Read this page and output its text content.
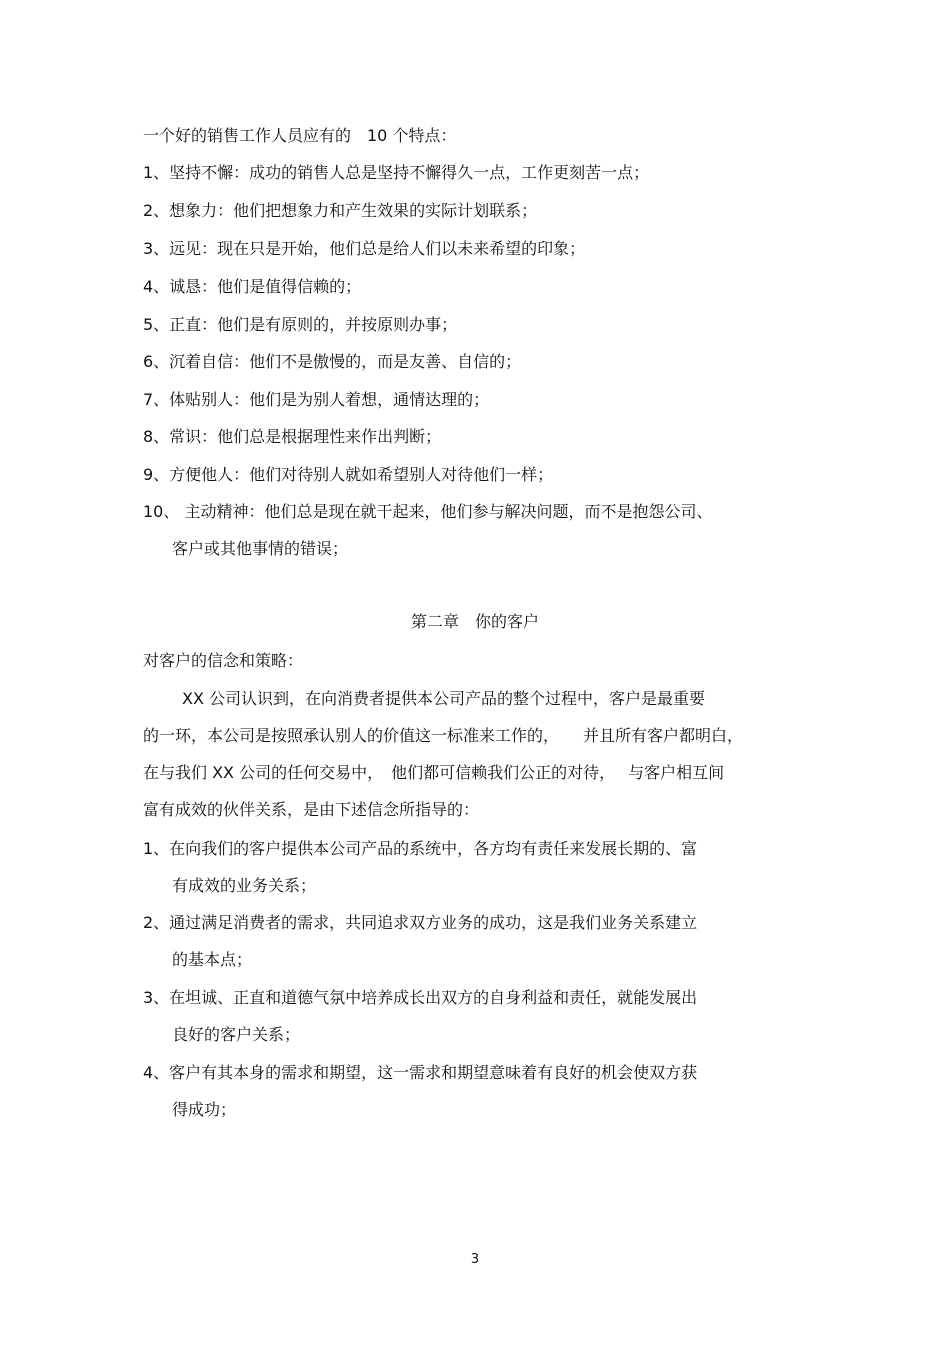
一个好的销售工作人员应有的　10 个特点：
1、坚持不懈：成功的销售人总是坚持不懈得久一点，工作更刻苦一点；
2、想象力：他们把想象力和产生效果的实际计划联系；
3、远见：现在只是开始，他们总是给人们以未来希望的印象；
4、诚恳：他们是值得信赖的；
5、正直：他们是有原则的，并按原则办事；
6、沉着自信：他们不是傲慢的，而是友善、自信的；
7、体贴别人：他们是为别人着想，通情达理的；
8、常识：他们总是根据理性来作出判断；
9、方便他人：他们对待别人就如希望别人对待他们一样；
10、 主动精神：他们总是现在就干起来，他们参与解决问题，而不是抱怨公司、
客户或其他事情的错误；
第二章　你的客户
对客户的信念和策略：
XX 公司认识到，在向消费者提供本公司产品的整个过程中，客户是最重要
的一环，本公司是按照承认别人的价值这一标准来工作的，　　并且所有客户都明白，
在与我们 XX 公司的任何交易中，　他们都可信赖我们公正的对待，　 与客户相互间
富有成效的伙伴关系，是由下述信念所指导的：
1、在向我们的客户提供本公司产品的系统中，各方均有责任来发展长期的、富
有成效的业务关系；
2、通过满足消费者的需求，共同追求双方业务的成功，这是我们业务关系建立
的基本点；
3、在坦诚、正直和道德气氛中培养成长出双方的自身利益和责任，就能发展出
良好的客户关系；
4、客户有其本身的需求和期望，这一需求和期望意味着有良好的机会使双方获
得成功；
3
